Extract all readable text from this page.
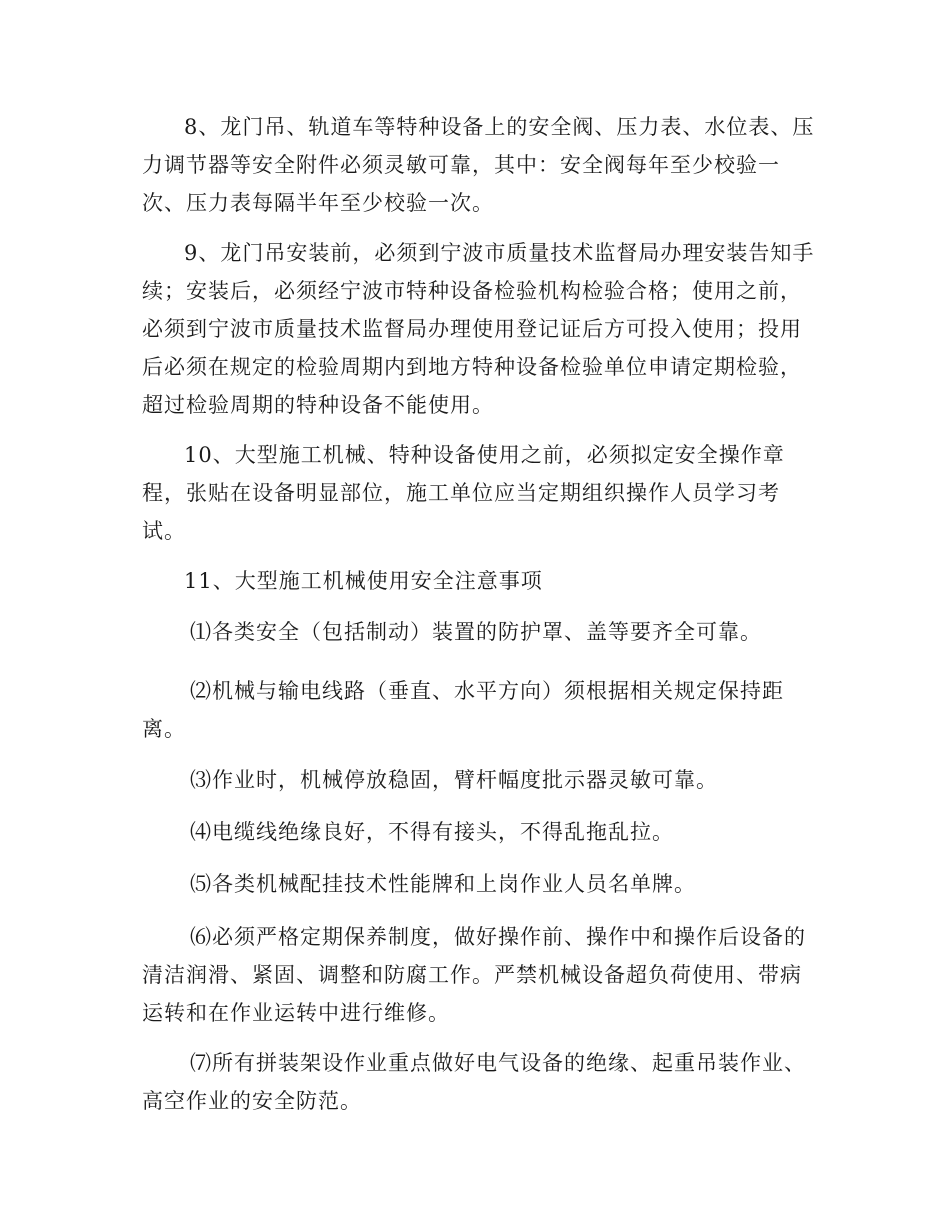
8、龙门吊、轨道车等特种设备上的安全阀、压力表、水位表、压
力调节器等安全附件必须灵敏可靠，其中：安全阀每年至少校验一
次、压力表每隔半年至少校验一次。
9、龙门吊安装前，必须到宁波市质量技术监督局办理安装告知手
续；安装后，必须经宁波市特种设备检验机构检验合格；使用之前，
必须到宁波市质量技术监督局办理使用登记证后方可投入使用；投用
后必须在规定的检验周期内到地方特种设备检验单位申请定期检验，
超过检验周期的特种设备不能使用。
10、大型施工机械、特种设备使用之前，必须拟定安全操作章
程，张贴在设备明显部位，施工单位应当定期组织操作人员学习考
试。
11、大型施工机械使用安全注意事项
⑴各类安全（包括制动）装置的防护罩、盖等要齐全可靠。
⑵机械与输电线路（垂直、水平方向）须根据相关规定保持距
离。
⑶作业时，机械停放稳固，臂杆幅度批示器灵敏可靠。
⑷电缆线绝缘良好，不得有接头，不得乱拖乱拉。
⑸各类机械配挂技术性能牌和上岗作业人员名单牌。
⑹必须严格定期保养制度，做好操作前、操作中和操作后设备的
清洁润滑、紧固、调整和防腐工作。严禁机械设备超负荷使用、带病
运转和在作业运转中进行维修。
⑺所有拼装架设作业重点做好电气设备的绝缘、起重吊装作业、
高空作业的安全防范。
